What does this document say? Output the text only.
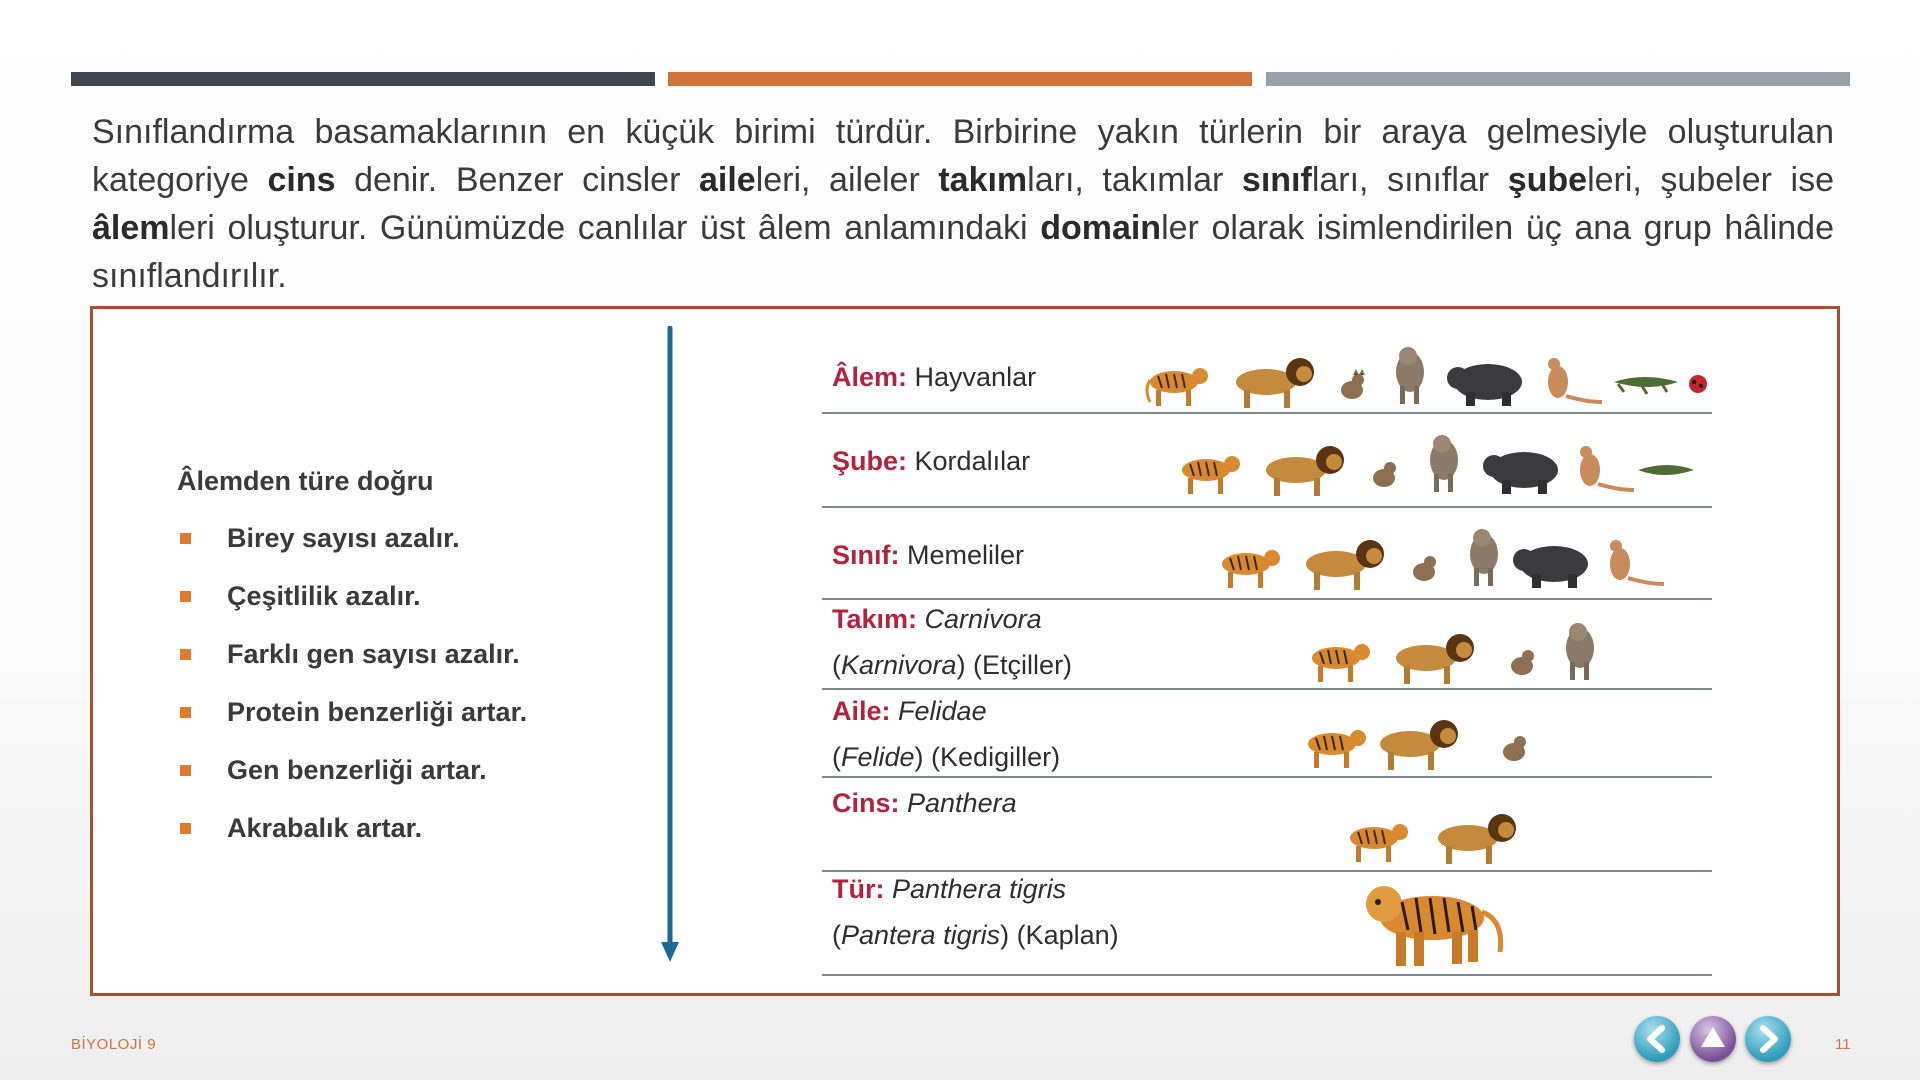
Sınıflandırma basamaklarının en küçük birimi türdür. Birbirine yakın türlerin bir araya gelmesiyle oluşturulan kategoriye cins denir. Benzer cinsler aileleri, aileler takımları, takımlar sınıfları, sınıflar şubeleri, şubeler ise âlemleri oluşturur. Günümüzde canlılar üst âlem anlamındaki domainler olarak isimlendirilen üç ana grup hâlinde sınıflandırılır.
Âlemden türe doğru
Birey sayısı azalır.
Çeşitlilik azalır.
Farklı gen sayısı azalır.
Protein benzerliği artar.
Gen benzerliği artar.
Akrabalık artar.
Âlem: Hayvanlar
Şube: Kordalılar
Sınıf: Memeliler
Takım: Carnivora
(Karnivora) (Etçiller)
Aile: Felidae
(Felide) (Kedigiller)
Cins: Panthera
Tür: Panthera tigris
(Pantera tigris) (Kaplan)
BİYOLOJİ 9	11
